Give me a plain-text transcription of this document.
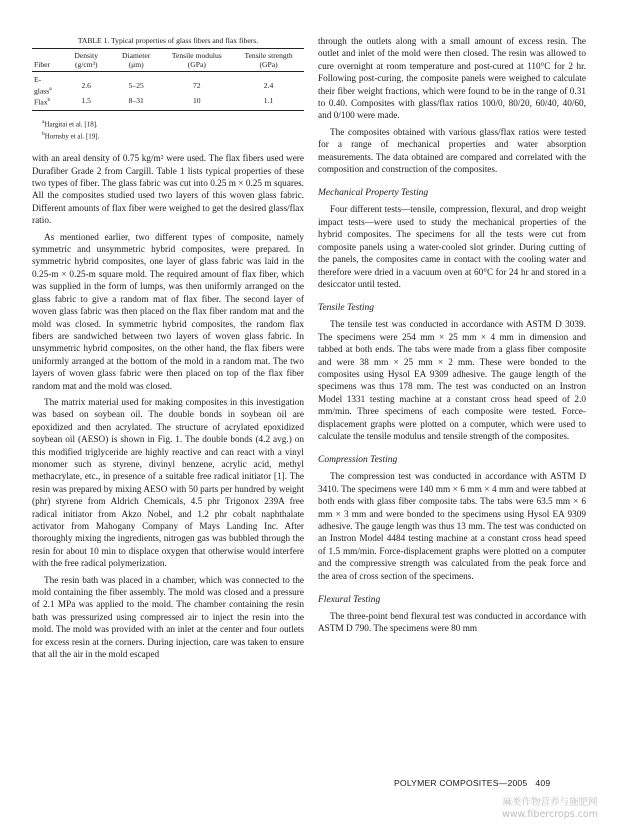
TABLE 1. Typical properties of glass fibers and flax fibers.
Fiber	Density (g/cm³)	Diameter (μm)	Tensile modulus (GPa)	Tensile strength (GPa)

E-glass$^a$	2.6	5–25	72	2.4
Flax$^b$	1.5	8–31	10	1.1

$^a$Hargitai et al. [18].
$^b$Hornsby et al. [19].

with an areal density of 0.75 kg/m² were used. The flax fibers used were Durafiber Grade 2 from Cargill. Table 1 lists typical properties of these two types of fiber. The glass fabric was cut into 0.25 m × 0.25 m squares. All the composites studied used two layers of this woven glass fabric. Different amounts of flax fiber were weighed to get the desired glass/flax ratio.

As mentioned earlier, two different types of composite, namely symmetric and unsymmetric hybrid composites, were prepared. In symmetric hybrid composites, one layer of glass fabric was laid in the 0.25-m × 0.25-m square mold. The required amount of flax fiber, which was supplied in the form of lumps, was then uniformly arranged on the glass fabric to give a random mat of flax fiber. The second layer of woven glass fabric was then placed on the flax fiber random mat and the mold was closed. In symmetric hybrid composites, the random flax fibers are sandwiched between two layers of woven glass fabric. In unsymmetric hybrid composites, on the other hand, the flax fibers were uniformly arranged at the bottom of the mold in a random mat. The two layers of woven glass fabric were then placed on top of the flax fiber random mat and the mold was closed.

The matrix material used for making composites in this investigation was based on soybean oil. The double bonds in soybean oil are epoxidized and then acrylated. The structure of acrylated epoxidized soybean oil (AESO) is shown in Fig. 1. The double bonds (4.2 avg.) on this modified triglyceride are highly reactive and can react with a vinyl monomer such as styrene, divinyl benzene, acrylic acid, methyl methacrylate, etc., in presence of a suitable free radical initiator [1]. The resin was prepared by mixing AESO with 50 parts per hundred by weight (phr) styrene from Aldrich Chemicals, 4.5 phr Trigonox 239A free radical initiator from Akzo Nobel, and 1.2 phr cobalt naphthalate activator from Mahogany Company of Mays Landing Inc. After thoroughly mixing the ingredients, nitrogen gas was bubbled through the resin for about 10 min to displace oxygen that otherwise would interfere with the free radical polymerization.

The resin bath was placed in a chamber, which was connected to the mold containing the fiber assembly. The mold was closed and a pressure of 2.1 MPa was applied to the mold. The chamber containing the resin bath was pressurized using compressed air to inject the resin into the mold. The mold was provided with an inlet at the center and four outlets for excess resin at the corners. During injection, care was taken to ensure that all the air in the mold escaped

through the outlets along with a small amount of excess resin. The outlet and inlet of the mold were then closed. The resin was allowed to cure overnight at room temperature and post-cured at 110°C for 2 hr. Following post-curing, the composite panels were weighed to calculate their fiber weight fractions, which were found to be in the range of 0.31 to 0.40. Composites with glass/flax ratios 100/0, 80/20, 60/40, 40/60, and 0/100 were made.

The composites obtained with various glass/flax ratios were tested for a range of mechanical properties and water absorption measurements. The data obtained are compared and correlated with the composition and construction of the composites.

Mechanical Property Testing

Four different tests—tensile, compression, flexural, and drop weight impact tests—were used to study the mechanical properties of the hybrid composites. The specimens for all the tests were cut from composite panels using a water-cooled slot grinder. During cutting of the panels, the composites came in contact with the cooling water and therefore were dried in a vacuum oven at 60°C for 24 hr and stored in a desiccator until tested.

Tensile Testing

The tensile test was conducted in accordance with ASTM D 3039. The specimens were 254 mm × 25 mm × 4 mm in dimension and tabbed at both ends. The tabs were made from a glass fiber composite and were 38 mm × 25 mm × 2 mm. These were bonded to the composites using Hysol EA 9309 adhesive. The gauge length of the specimens was thus 178 mm. The test was conducted on an Instron Model 1331 testing machine at a constant cross head speed of 2.0 mm/min. Three specimens of each composite were tested. Force-displacement graphs were plotted on a computer, which were used to calculate the tensile modulus and tensile strength of the composites.

Compression Testing

The compression test was conducted in accordance with ASTM D 3410. The specimens were 140 mm × 6 mm × 4 mm and were tabbed at both ends with glass fiber composite tabs. The tabs were 63.5 mm × 6 mm × 3 mm and were bonded to the specimens using Hysol EA 9309 adhesive. The gauge length was thus 13 mm. The test was conducted on an Instron Model 4484 testing machine at a constant cross head speed of 1.5 mm/min. Force-displacement graphs were plotted on a computer and the compressive strength was calculated from the peak force and the area of cross section of the specimens.

Flexural Testing

The three-point bend flexural test was conducted in accordance with ASTM D 790. The specimens were 80 mm

POLYMER COMPOSITES—2005 409
麻类作物营养与施肥网
www.fibercrops.com
